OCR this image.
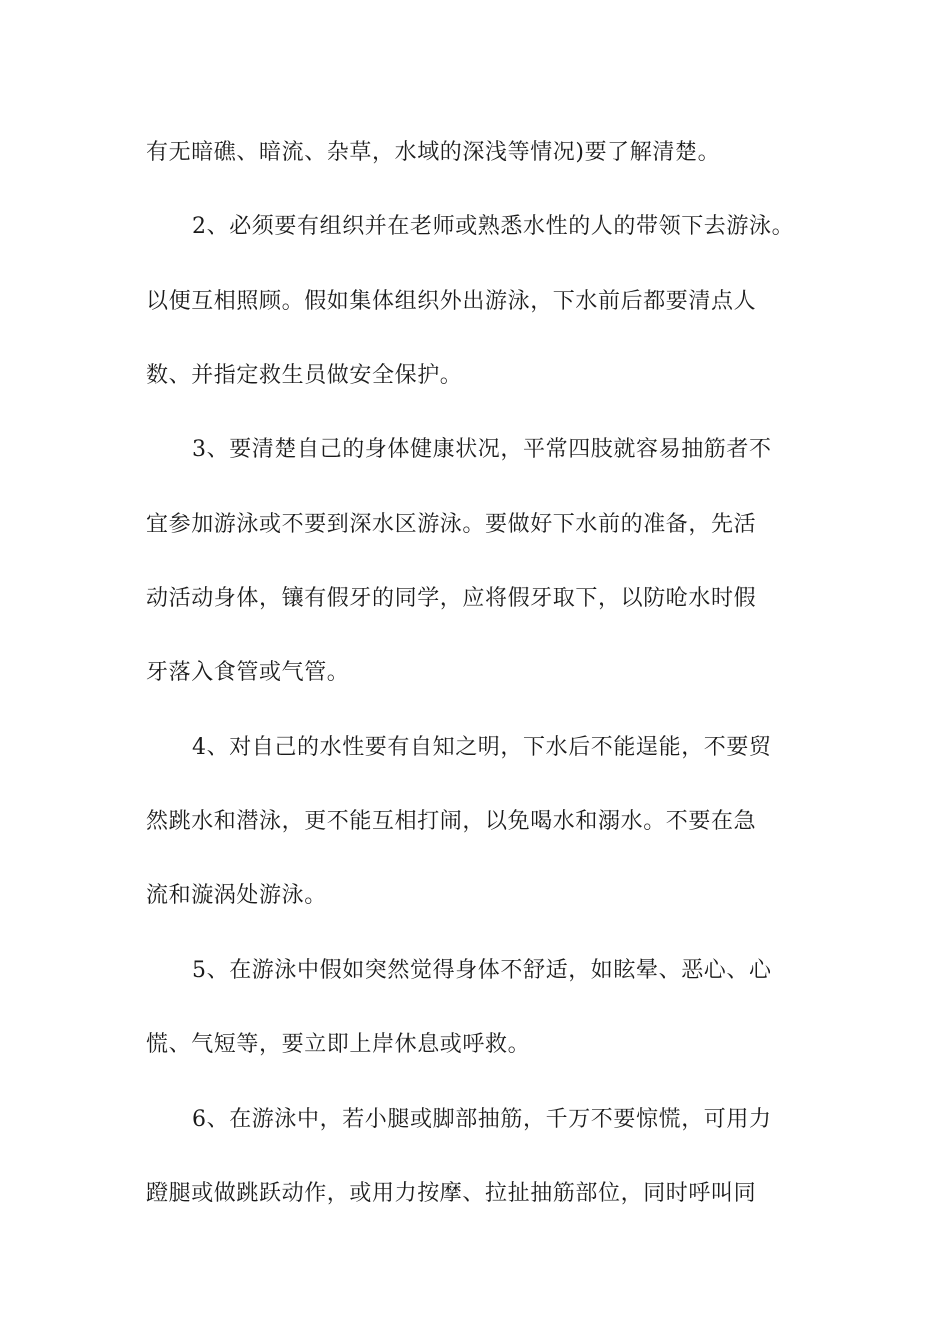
有无暗礁、暗流、杂草，水域的深浅等情况)要了解清楚。
2、必须要有组织并在老师或熟悉水性的人的带领下去游泳。
以便互相照顾。假如集体组织外出游泳，下水前后都要清点人
数、并指定救生员做安全保护。
3、要清楚自己的身体健康状况，平常四肢就容易抽筋者不
宜参加游泳或不要到深水区游泳。要做好下水前的准备，先活
动活动身体，镶有假牙的同学，应将假牙取下，以防呛水时假
牙落入食管或气管。
4、对自己的水性要有自知之明，下水后不能逞能，不要贸
然跳水和潜泳，更不能互相打闹，以免喝水和溺水。不要在急
流和漩涡处游泳。
5、在游泳中假如突然觉得身体不舒适，如眩晕、恶心、心
慌、气短等，要立即上岸休息或呼救。
6、在游泳中，若小腿或脚部抽筋，千万不要惊慌，可用力
蹬腿或做跳跃动作，或用力按摩、拉扯抽筋部位，同时呼叫同
